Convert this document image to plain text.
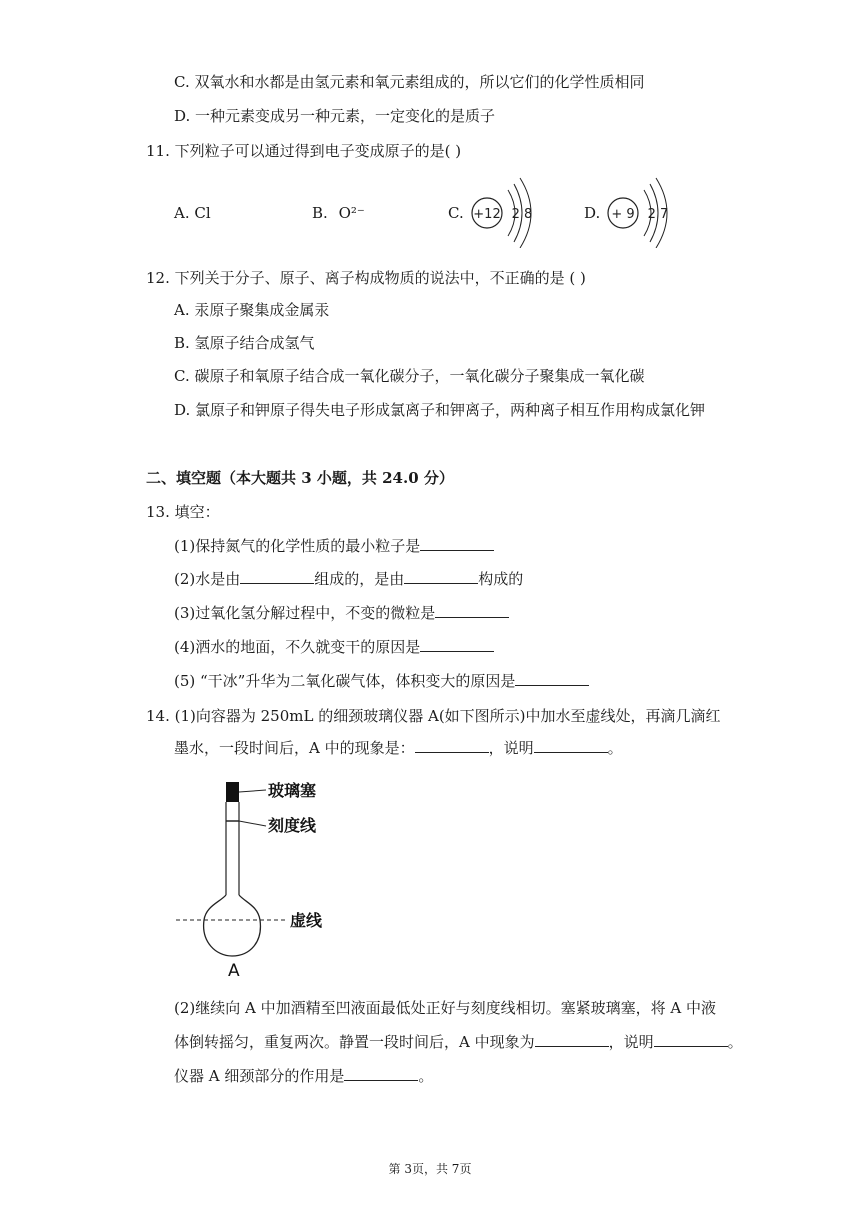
C. 双氧水和水都是由氢元素和氧元素组成的，所以它们的化学性质相同
D. 一种元素变成另一种元素，一定变化的是质子
11. 下列粒子可以通过得到电子变成原子的是( )
A. Cl	B. O²⁻	C. +12 2 8	D. + 9 2 7
12. 下列关于分子、原子、离子构成物质的说法中，不正确的是 ( )
A. 汞原子聚集成金属汞
B. 氢原子结合成氢气
C. 碳原子和氧原子结合成一氧化碳分子，一氧化碳分子聚集成一氧化碳
D. 氯原子和钾原子得失电子形成氯离子和钾离子，两种离子相互作用构成氯化钾
二、填空题（本大题共 3 小题，共 24.0 分）
13. 填空：
(1)保持氮气的化学性质的最小粒子是
(2)水是由	组成的，是由	构成的
(3)过氧化氢分解过程中，不变的微粒是
(4)洒水的地面，不久就变干的原因是
(5) “干冰”升华为二氧化碳气体，体积变大的原因是
14. (1)向容器为 250mL 的细颈玻璃仪器 A(如下图所示)中加水至虚线处，再滴几滴红
墨水，一段时间后，A 中的现象是：	，说明	。
玻璃塞
刻度线
虚线
A
(2)继续向 A 中加酒精至凹液面最低处正好与刻度线相切。塞紧玻璃塞，将 A 中液
体倒转摇匀，重复两次。静置一段时间后，A 中现象为	，说明	。
仪器 A 细颈部分的作用是	。
第 3页，共 7页
